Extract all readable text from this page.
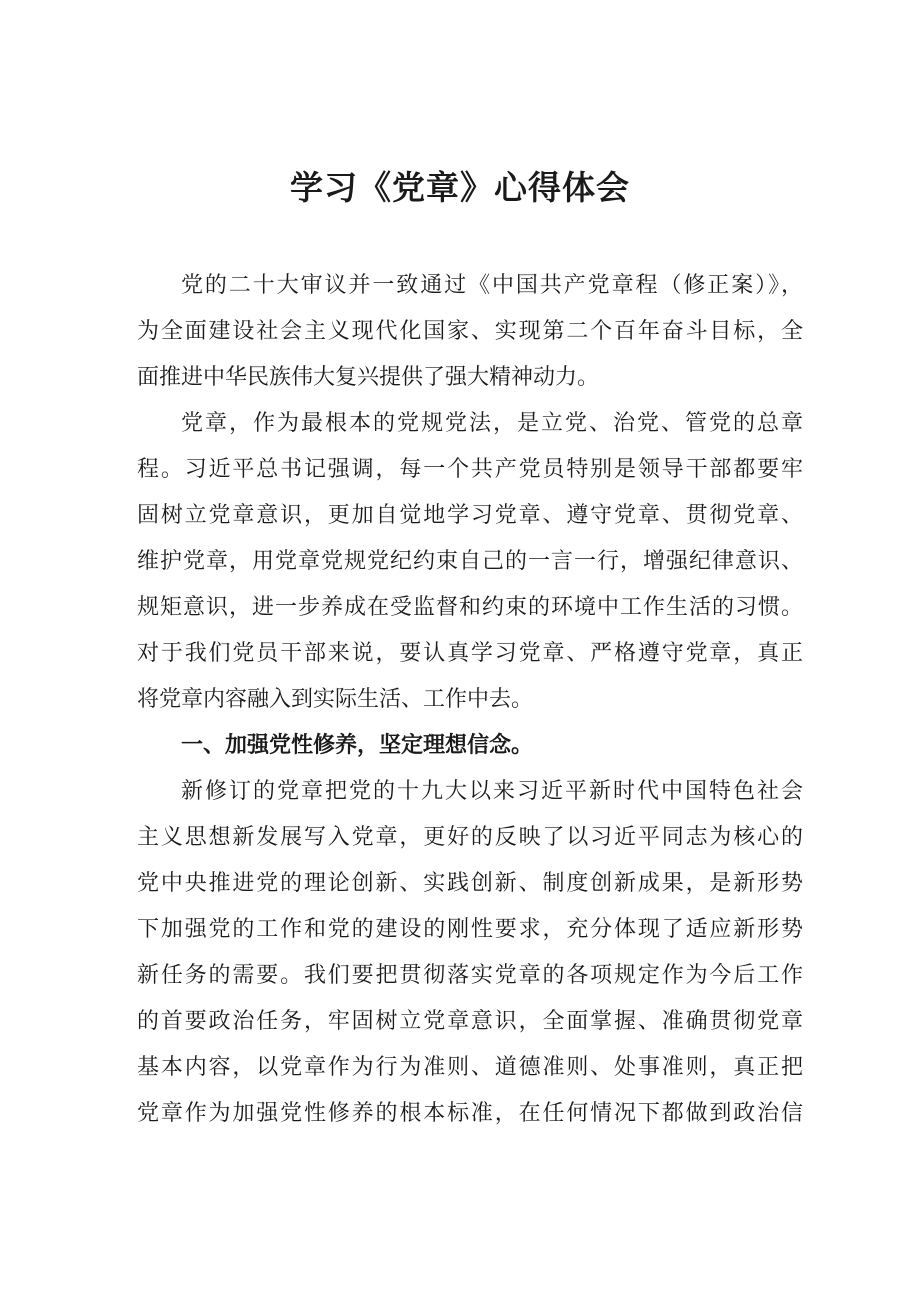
学习《党章》心得体会
党的二十大审议并一致通过《中国共产党章程（修正案）》，
为全面建设社会主义现代化国家、实现第二个百年奋斗目标，全
面推进中华民族伟大复兴提供了强大精神动力。
党章，作为最根本的党规党法，是立党、治党、管党的总章
程。习近平总书记强调，每一个共产党员特别是领导干部都要牢
固树立党章意识，更加自觉地学习党章、遵守党章、贯彻党章、
维护党章，用党章党规党纪约束自己的一言一行，增强纪律意识、
规矩意识，进一步养成在受监督和约束的环境中工作生活的习惯。
对于我们党员干部来说，要认真学习党章、严格遵守党章，真正
将党章内容融入到实际生活、工作中去。
一、加强党性修养，坚定理想信念。
新修订的党章把党的十九大以来习近平新时代中国特色社会
主义思想新发展写入党章，更好的反映了以习近平同志为核心的
党中央推进党的理论创新、实践创新、制度创新成果，是新形势
下加强党的工作和党的建设的刚性要求，充分体现了适应新形势
新任务的需要。我们要把贯彻落实党章的各项规定作为今后工作
的首要政治任务，牢固树立党章意识，全面掌握、准确贯彻党章
基本内容，以党章作为行为准则、道德准则、处事准则，真正把
党章作为加强党性修养的根本标准，在任何情况下都做到政治信
